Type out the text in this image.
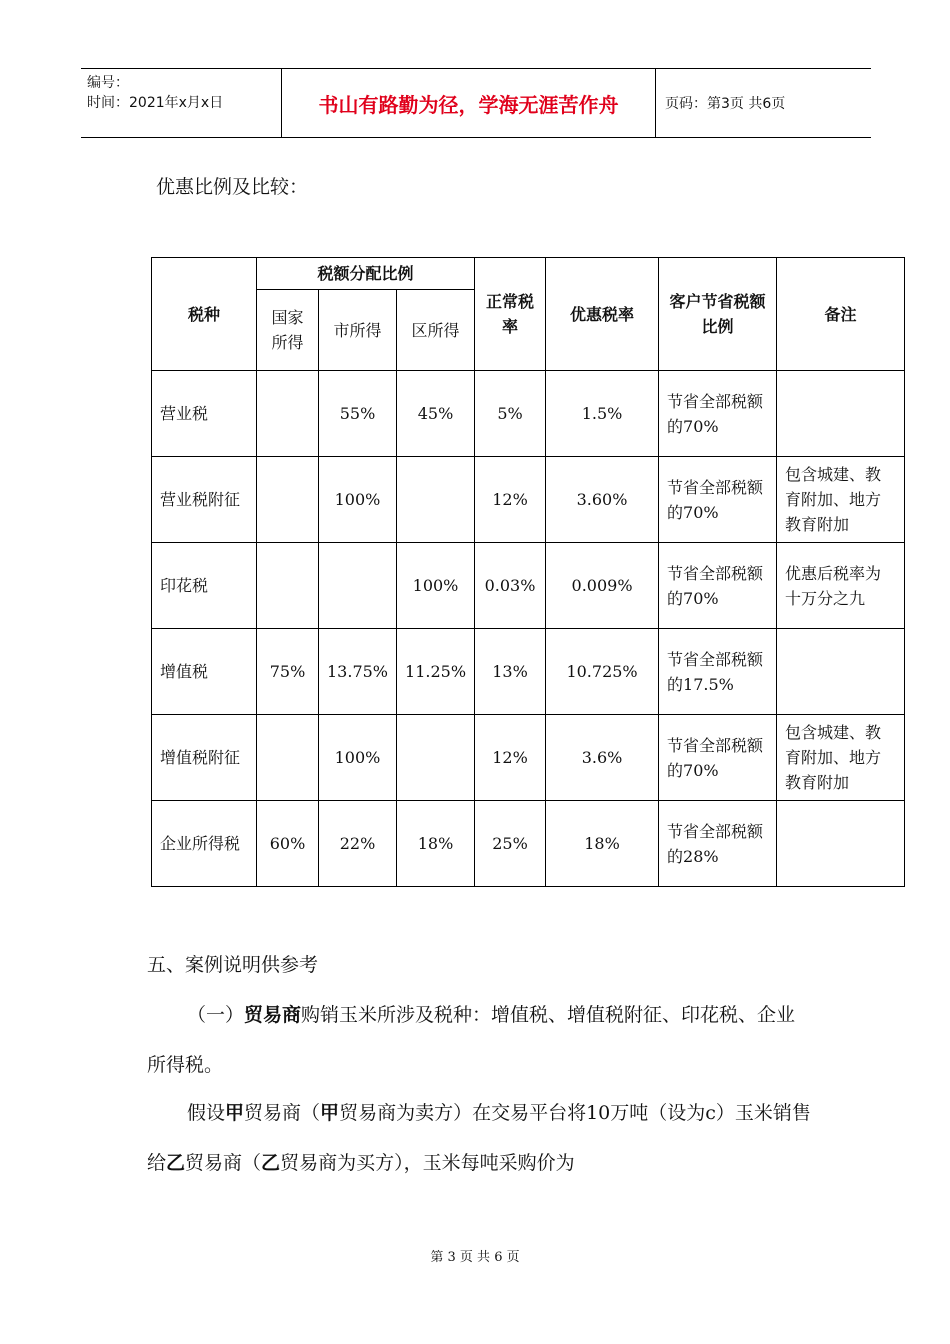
编号：
时间：2021年x月x日	书山有路勤为径，学海无涯苦作舟	页码：第3页 共6页
优惠比例及比较：
税种	税额分配比例			正常税率	优惠税率	客户节省税额比例	备注
	国家所得	市所得	区所得				
营业税		55%	45%	5%	1.5%	节省全部税额的70%	
营业税附征		100%		12%	3.60%	节省全部税额的70%	包含城建、教育附加、地方教育附加
印花税			100%	0.03%	0.009%	节省全部税额的70%	优惠后税率为十万分之九
增值税	75%	13.75%	11.25%	13%	10.725%	节省全部税额的17.5%	
增值税附征		100%		12%	3.6%	节省全部税额的70%	包含城建、教育附加、地方教育附加
企业所得税	60%	22%	18%	25%	18%	节省全部税额的28%	
五、案例说明供参考
（一）贸易商购销玉米所涉及税种：增值税、增值税附征、印花税、企业所得税。
假设甲贸易商（甲贸易商为卖方）在交易平台将10万吨（设为c）玉米销售给乙贸易商（乙贸易商为买方），玉米每吨采购价为
第 3 页 共 6 页
